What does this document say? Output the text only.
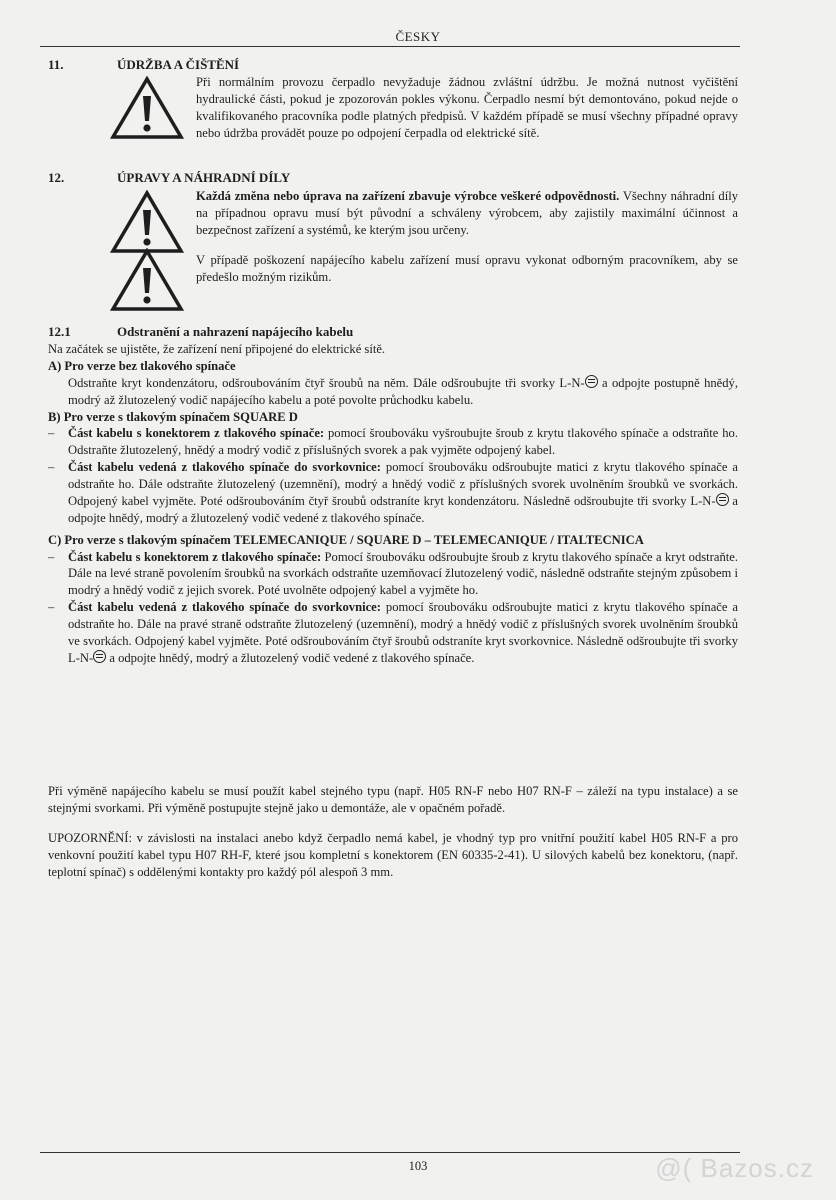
ČESKY
11.	ÚDRŽBA A ČIŠTĚNÍ
Při normálním provozu čerpadlo nevyžaduje žádnou zvláštní údržbu. Je možná nutnost vyčištění hydraulické části, pokud je zpozorován pokles výkonu. Čerpadlo nesmí být demontováno, pokud nejde o kvalifikovaného pracovníka podle platných předpisů. V každém případě se musí všechny případné opravy nebo údržba provádět pouze po odpojení čerpadla od elektrické sítě.
12.	ÚPRAVY A NÁHRADNÍ DÍLY
Každá změna nebo úprava na zařízení zbavuje výrobce veškeré odpovědnosti. Všechny náhradní díly na případnou opravu musí být původní a schváleny výrobcem, aby zajistily maximální účinnost a bezpečnost zařízení a systémů, ke kterým jsou určeny.
V případě poškození napájecího kabelu zařízení musí opravu vykonat odborným pracovníkem, aby se předešlo možným rizikům.
12.1	Odstranění a nahrazení napájecího kabelu
Na začátek se ujistěte, že zařízení není připojené do elektrické sítě.
A) Pro verze bez tlakového spínače
Odstraňte kryt kondenzátoru, odšroubováním čtyř šroubů na něm. Dále odšroubujte tři svorky L-N- a odpojte postupně hnědý, modrý až žlutozelený vodič napájecího kabelu a poté povolte průchodku kabelu.
B) Pro verze s tlakovým spínačem SQUARE D
– Část kabelu s konektorem z tlakového spínače: pomocí šroubováku vyšroubujte šroub z krytu tlakového spínače a odstraňte ho. Odstraňte žlutozelený, hnědý a modrý vodič z příslušných svorek a pak vyjměte odpojený kabel.
– Část kabelu vedená z tlakového spínače do svorkovnice: pomocí šroubováku odšroubujte matici z krytu tlakového spínače a odstraňte ho. Dále odstraňte žlutozelený (uzemnění), modrý a hnědý vodič z příslušných svorek uvolněním šroubků ve svorkách. Odpojený kabel vyjměte. Poté odšroubováním čtyř šroubů odstraníte kryt kondenzátoru. Následně odšroubujte tři svorky L-N- a odpojte hnědý, modrý a žlutozelený vodič vedené z tlakového spínače.
C) Pro verze s tlakovým spínačem TELEMECANIQUE / SQUARE D – TELEMECANIQUE / ITALTECNICA
– Část kabelu s konektorem z tlakového spínače: Pomocí šroubováku odšroubujte šroub z krytu tlakového spínače a kryt odstraňte. Dále na levé straně povolením šroubků na svorkách odstraňte uzemňovací žlutozelený vodič, následně odstraňte stejným způsobem i modrý a hnědý vodič z jejich svorek. Poté uvolněte odpojený kabel a vyjměte ho.
– Část kabelu vedená z tlakového spínače do svorkovnice: pomocí šroubováku odšroubujte matici z krytu tlakového spínače a odstraňte ho. Dále na pravé straně odstraňte žlutozelený (uzemnění), modrý a hnědý vodič z příslušných svorek uvolněním šroubků ve svorkách. Odpojený kabel vyjměte. Poté odšroubováním čtyř šroubů odstraníte kryt svorkovnice. Následně odšroubujte tři svorky L-N- a odpojte hnědý, modrý a žlutozelený vodič vedené z tlakového spínače.
Při výměně napájecího kabelu se musí použít kabel stejného typu (např. H05 RN-F nebo H07 RN-F – záleží na typu instalace) a se stejnými svorkami. Při výměně postupujte stejně jako u demontáže, ale v opačném pořadě.
UPOZORNĚNÍ: v závislosti na instalaci anebo když čerpadlo nemá kabel, je vhodný typ pro vnitřní použití kabel H05 RN-F a pro venkovní použití kabel typu H07 RH-F, které jsou kompletní s konektorem (EN 60335-2-41). U silových kabelů bez konektoru, (např. teplotní spínač) s oddělenými kontakty pro každý pól alespoň 3 mm.
103	@( Bazos.cz
